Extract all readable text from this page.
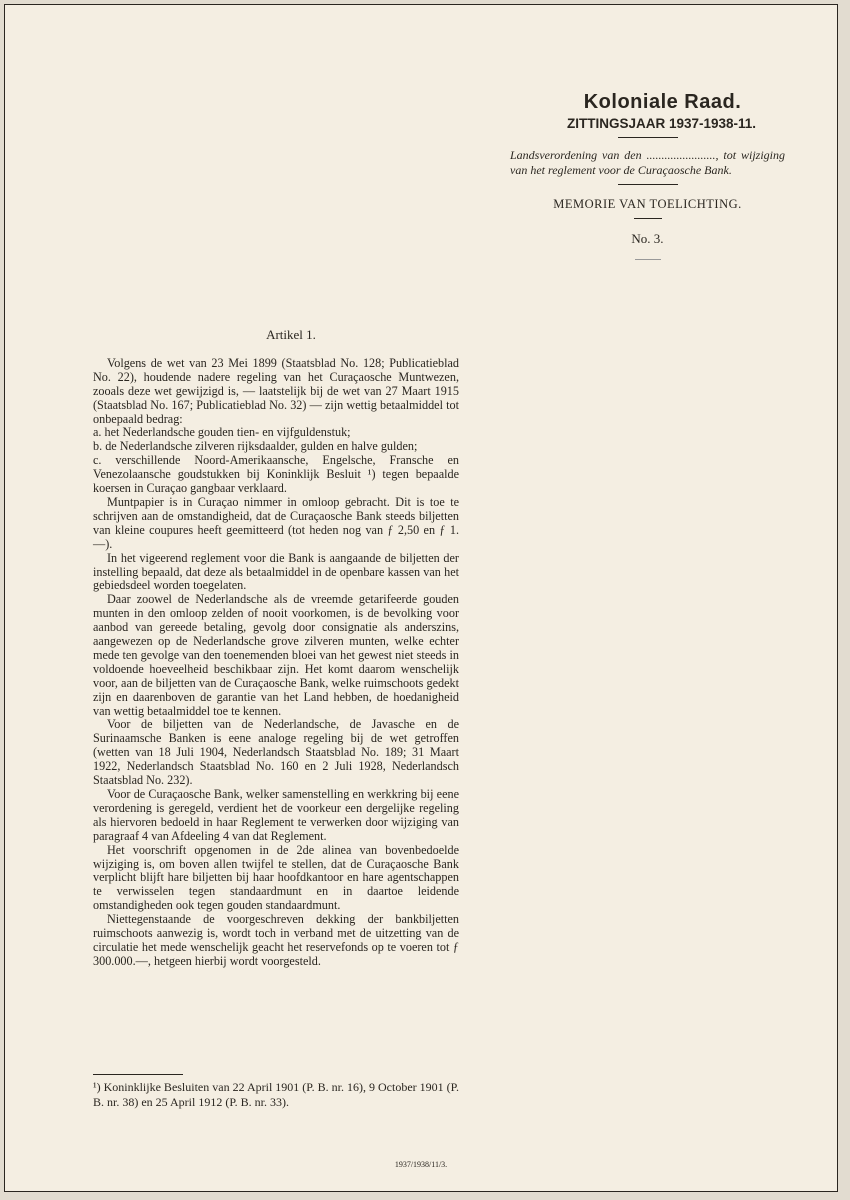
Koloniale Raad.
ZITTINGSJAAR 1937-1938-11.
Landsverordening van den ......................., tot wijziging van het reglement voor de Curaçaosche Bank.
MEMORIE VAN TOELICHTING.
No. 3.
Artikel 1.

Volgens de wet van 23 Mei 1899 (Staatsblad No. 128; Publicatieblad No. 22), houdende nadere regeling van het Curaçaosche Muntwezen, zooals deze wet gewijzigd is, — laatstelijk bij de wet van 27 Maart 1915 (Staatsblad No. 167; Publicatieblad No. 32) — zijn wettig betaalmiddel tot onbepaald bedrag:

a. het Nederlandsche gouden tien- en vijfguldenstuk;

b. de Nederlandsche zilveren rijksdaalder, gulden en halve gulden;

c. verschillende Noord-Amerikaansche, Engelsche, Fransche en Venezolaansche goudstukken bij Koninklijk Besluit ¹) tegen bepaalde koersen in Curaçao gangbaar verklaard.

Muntpapier is in Curaçao nimmer in omloop gebracht. Dit is toe te schrijven aan de omstandigheid, dat de Curaçaosche Bank steeds biljetten van kleine coupures heeft geemitteerd (tot heden nog van ƒ 2,50 en ƒ 1.—).

In het vigeerend reglement voor die Bank is aangaande de biljetten der instelling bepaald, dat deze als betaalmiddel in de openbare kassen van het gebiedsdeel worden toegelaten.

Daar zoowel de Nederlandsche als de vreemde getarifeerde gouden munten in den omloop zelden of nooit voorkomen, is de bevolking voor aanbod van gereede betaling, gevolg door consignatie als anderszins, aangewezen op de Nederlandsche grove zilveren munten, welke echter mede ten gevolge van den toenemenden bloei van het gewest niet steeds in voldoende hoeveelheid beschikbaar zijn. Het komt daarom wenschelijk voor, aan de biljetten van de Curaçaosche Bank, welke ruimschoots gedekt zijn en daarenboven de garantie van het Land hebben, de hoedanigheid van wettig betaalmiddel toe te kennen.

Voor de biljetten van de Nederlandsche, de Javasche en de Surinaamsche Banken is eene analoge regeling bij de wet getroffen (wetten van 18 Juli 1904, Nederlandsch Staatsblad No. 189; 31 Maart 1922, Nederlandsch Staatsblad No. 160 en 2 Juli 1928, Nederlandsch Staatsblad No. 232).

Voor de Curaçaosche Bank, welker samenstelling en werkkring bij eene verordening is geregeld, verdient het de voorkeur een dergelijke regeling als hiervoren bedoeld in haar Reglement te verwerken door wijziging van paragraaf 4 van Afdeeling 4 van dat Reglement.

Het voorschrift opgenomen in de 2de alinea van bovenbedoelde wijziging is, om boven allen twijfel te stellen, dat de Curaçaosche Bank verplicht blijft hare biljetten bij haar hoofdkantoor en hare agentschappen te verwisselen tegen standaardmunt en in daartoe leidende omstandigheden ook tegen gouden standaardmunt.

Niettegenstaande de voorgeschreven dekking der bankbiljetten ruimschoots aanwezig is, wordt toch in verband met de uitzetting van de circulatie het mede wenschelijk geacht het reservefonds op te voeren tot ƒ 300.000.—, hetgeen hierbij wordt voorgesteld.

¹) Koninklijke Besluiten van 22 April 1901 (P. B. nr. 16), 9 October 1901 (P. B. nr. 38) en 25 April 1912 (P. B. nr. 33).
1937/1938/11/3.
